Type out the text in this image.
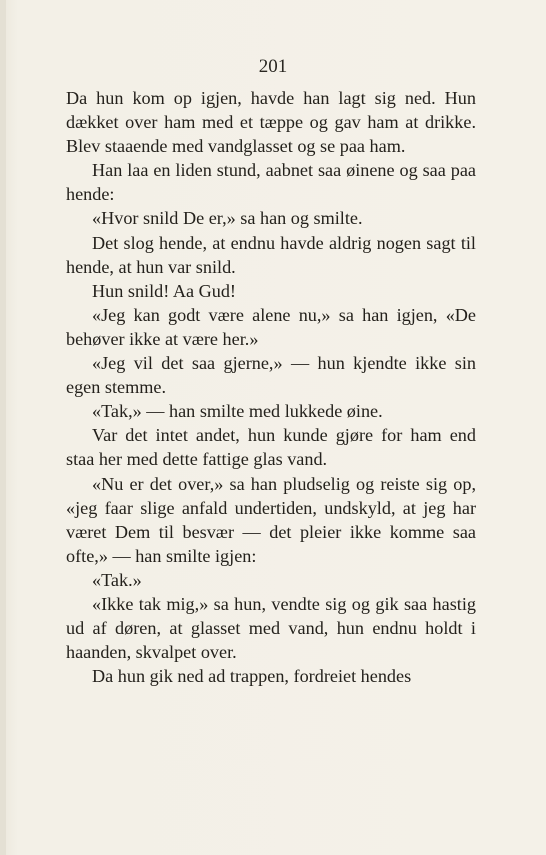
201

Da hun kom op igjen, havde han lagt sig ned. Hun dækket over ham med et tæppe og gav ham at drikke. Blev staaende med vandglasset og se paa ham.

Han laa en liden stund, aabnet saa øinene og saa paa hende:

«Hvor snild De er,» sa han og smilte.

Det slog hende, at endnu havde aldrig nogen sagt til hende, at hun var snild.

Hun snild! Aa Gud!

«Jeg kan godt være alene nu,» sa han igjen, «De behøver ikke at være her.»

«Jeg vil det saa gjerne,» — hun kjendte ikke sin egen stemme.

«Tak,» — han smilte med lukkede øine.

Var det intet andet, hun kunde gjøre for ham end staa her med dette fattige glas vand.

«Nu er det over,» sa han pludselig og reiste sig op, «jeg faar slige anfald undertiden, undskyld, at jeg har været Dem til besvær — det pleier ikke komme saa ofte,» — han smilte igjen:

«Tak.»

«Ikke tak mig,» sa hun, vendte sig og gik saa hastig ud af døren, at glasset med vand, hun endnu holdt i haanden, skvalpet over.

Da hun gik ned ad trappen, fordreiet hendes
